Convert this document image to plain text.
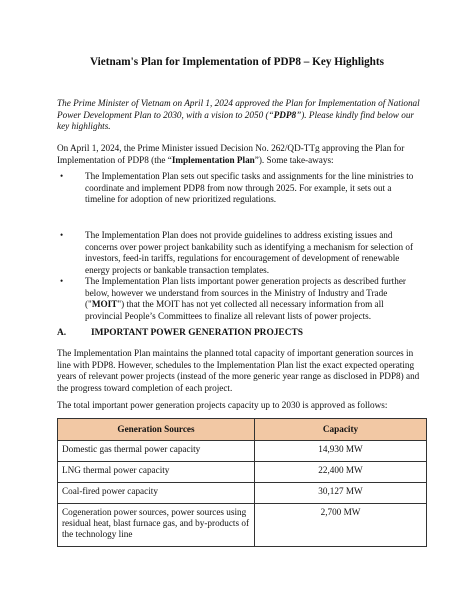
Vietnam's Plan for Implementation of PDP8 – Key Highlights

The Prime Minister of Vietnam on April 1, 2024 approved the Plan for Implementation of National Power Development Plan to 2030, with a vision to 2050 (“PDP8”). Please kindly find below our key highlights.

On April 1, 2024, the Prime Minister issued Decision No. 262/QD-TTg approving the Plan for Implementation of PDP8 (the “Implementation Plan”). Some take-aways:

• The Implementation Plan sets out specific tasks and assignments for the line ministries to coordinate and implement PDP8 from now through 2025. For example, it sets out a timeline for adoption of new prioritized regulations.

• The Implementation Plan does not provide guidelines to address existing issues and concerns over power project bankability such as identifying a mechanism for selection of investors, feed-in tariffs, regulations for encouragement of development of renewable energy projects or bankable transaction templates.

• The Implementation Plan lists important power generation projects as described further below, however we understand from sources in the Ministry of Industry and Trade ("MOIT") that the MOIT has not yet collected all necessary information from all provincial People’s Committees to finalize all relevant lists of power projects.

A.	IMPORTANT POWER GENERATION PROJECTS

The Implementation Plan maintains the planned total capacity of important generation sources in line with PDP8. However, schedules to the Implementation Plan list the exact expected operating years of relevant power projects (instead of the more generic year range as disclosed in PDP8) and the progress toward completion of each project.

The total important power generation projects capacity up to 2030 is approved as follows:

Generation Sources	Capacity
Domestic gas thermal power capacity	14,930 MW
LNG thermal power capacity	22,400 MW
Coal-fired power capacity	30,127 MW
Cogeneration power sources, power sources using residual heat, blast furnace gas, and by-products of the technology line	2,700 MW
